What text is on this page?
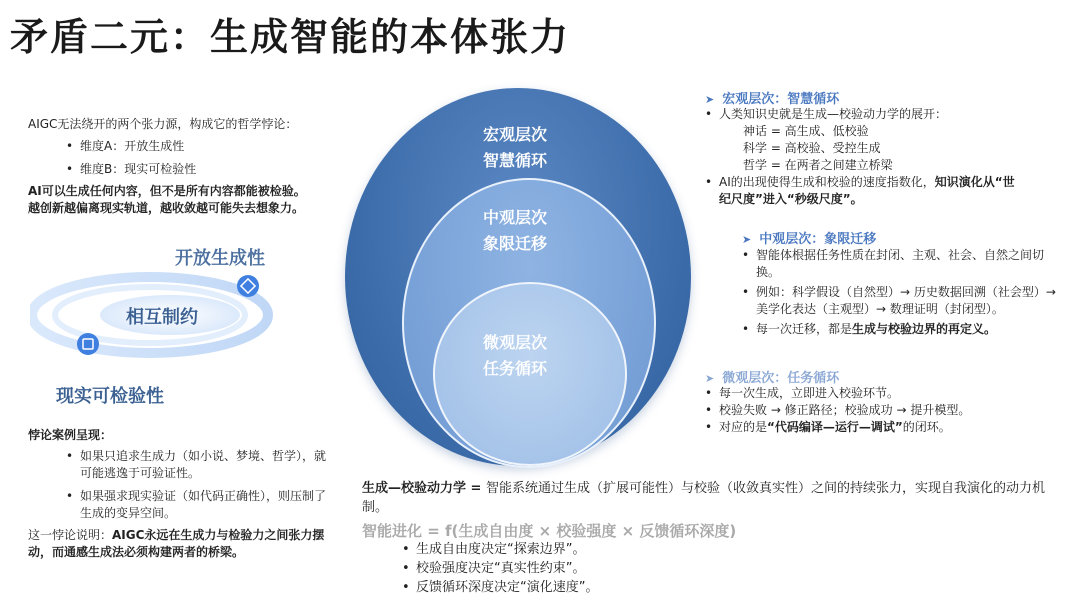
矛盾二元：生成智能的本体张力
AIGC无法绕开的两个张力源，构成它的哲学悖论：
• 维度A：开放生成性
• 维度B：现实可检验性
AI可以生成任何内容，但不是所有内容都能被检验。
越创新越偏离现实轨道，越收敛越可能失去想象力。
开放生成性
相互制约
现实可检验性
悖论案例呈现：
• 如果只追求生成力（如小说、梦境、哲学），就可能逃逸于可验证性。
• 如果强求现实验证（如代码正确性），则压制了生成的变异空间。
这一悖论说明：AIGC永远在生成力与检验力之间张力摆动，而通感生成法必须构建两者的桥梁。
宏观层次
智慧循环
中观层次
象限迁移
微观层次
任务循环
➤ 宏观层次：智慧循环
• 人类知识史就是生成—校验动力学的展开：
神话 = 高生成、低校验
科学 = 高校验、受控生成
哲学 = 在两者之间建立桥梁
• AI的出现使得生成和校验的速度指数化，知识演化从“世纪尺度”进入“秒级尺度”。
➤ 中观层次：象限迁移
• 智能体根据任务性质在封闭、主观、社会、自然之间切换。
• 例如：科学假设（自然型）→ 历史数据回溯（社会型）→ 美学化表达（主观型）→ 数理证明（封闭型）。
• 每一次迁移，都是生成与校验边界的再定义。
➤ 微观层次：任务循环
• 每一次生成，立即进入校验环节。
• 校验失败 → 修正路径；校验成功 → 提升模型。
• 对应的是“代码编译—运行—调试”的闭环。
生成—校验动力学 = 智能系统通过生成（扩展可能性）与校验（收敛真实性）之间的持续张力，实现自我演化的动力机制。
智能进化 = f(生成自由度 × 校验强度 × 反馈循环深度)
• 生成自由度决定“探索边界”。
• 校验强度决定“真实性约束”。
• 反馈循环深度决定“演化速度”。
